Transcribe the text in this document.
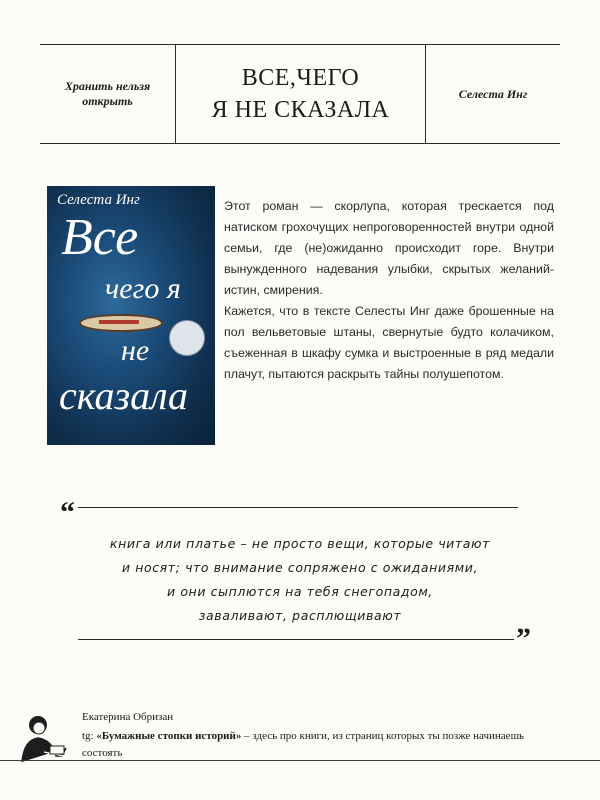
Хранить нельзя
открыть
ВСЕ,ЧЕГО
Я НЕ СКАЗАЛА
Селеста Инг
Селеста Инг
Все
чего я
не
сказала

Этот роман — скорлупа, которая трескается под натиском грохочущих непроговоренностей внутри одной семьи, где (не)ожиданно происходит горе. Внутри вынужденного надевания улыбки, скрытых желаний-истин, смирения.

Кажется, что в тексте Селесты Инг даже брошенные на пол вельветовые штаны, свернутые будто колачиком, съеженная в шкафу сумка и выстроенные в ряд медали плачут, пытаются раскрыть тайны полушепотом.

“
книга или платье – не просто вещи, которые читают
и носят; что внимание сопряжено с ожиданиями,
и они сыплются на тебя снегопадом,
заваливают, расплющивают
”
Екатерина Обризан
tg: «Бумажные стопки историй» – здесь про книги, из страниц которых ты позже начинаешь состоять
